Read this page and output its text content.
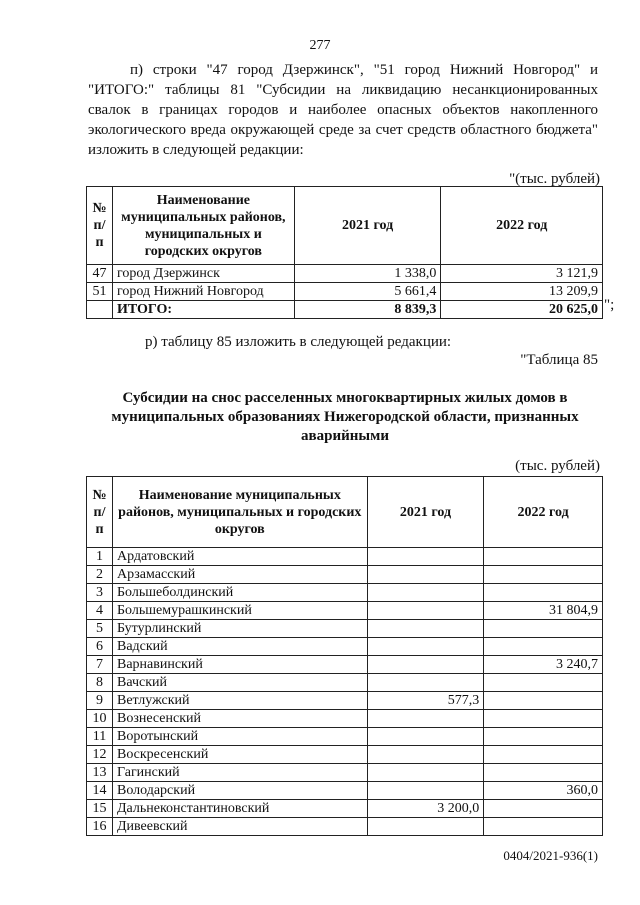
277
п) строки "47 город Дзержинск", "51 город Нижний Новгород" и "ИТОГО:" таблицы 81 "Субсидии на ликвидацию несанкционированных свалок в границах городов и наиболее опасных объектов накопленного экологического вреда окружающей среде за счет средств областного бюджета" изложить в следующей редакции:
"(тыс. рублей)
№ п/п	Наименование муниципальных районов, муниципальных и городских округов	2021 год	2022 год
47	город Дзержинск	1 338,0	3 121,9
51	город Нижний Новгород	5 661,4	13 209,9
	ИТОГО:	8 839,3	20 625,0 ";
р) таблицу 85 изложить в следующей редакции:
"Таблица 85
Субсидии на снос расселенных многоквартирных жилых домов в муниципальных образованиях Нижегородской области, признанных аварийными
(тыс. рублей)
№ п/п	Наименование муниципальных районов, муниципальных и городских округов	2021 год	2022 год
1	Ардатовский		
2	Арзамасский		
3	Большеболдинский		
4	Большемурашкинский		31 804,9
5	Бутурлинский		
6	Вадский		
7	Варнавинский		3 240,7
8	Вачский		
9	Ветлужский	577,3	
10	Вознесенский		
11	Воротынский		
12	Воскресенский		
13	Гагинский		
14	Володарский		360,0
15	Дальнеконстантиновский	3 200,0	
16	Дивеевский		
0404/2021-936(1)
